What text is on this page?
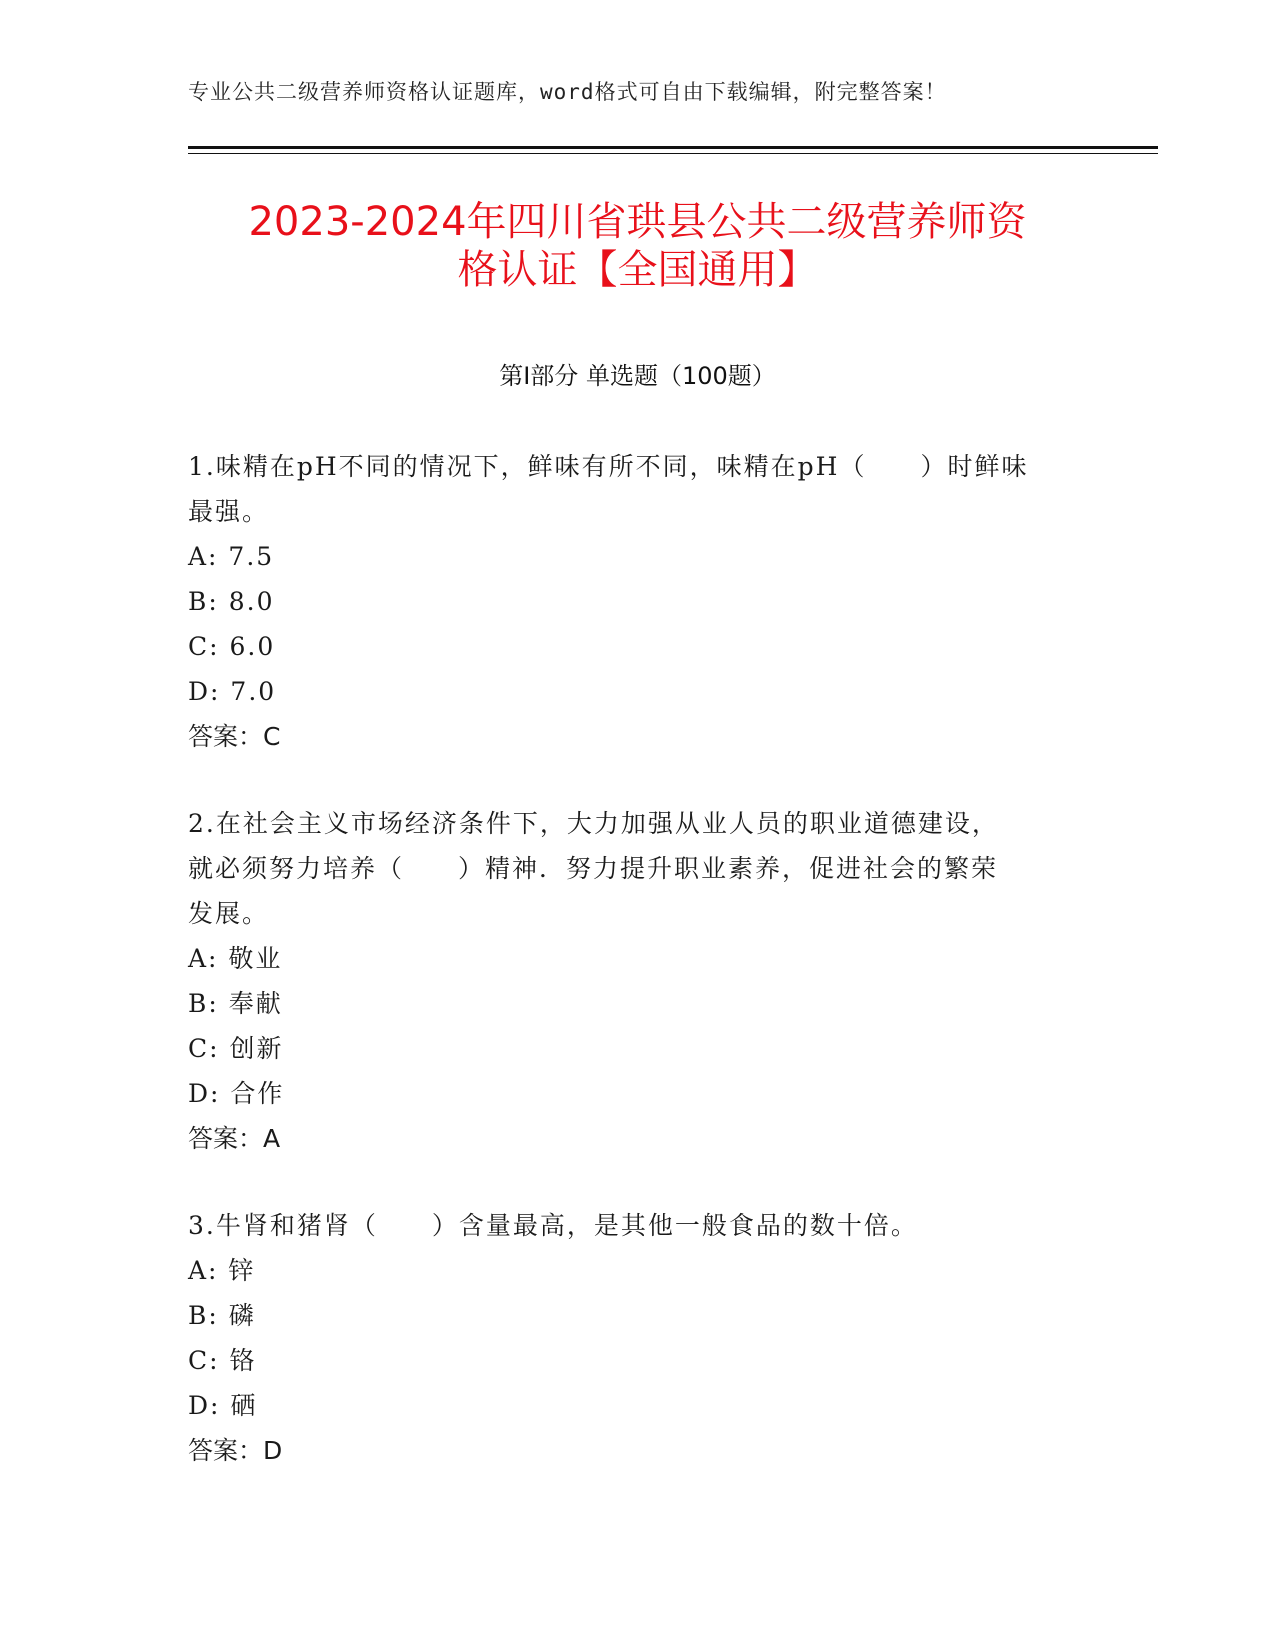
专业公共二级营养师资格认证题库，word格式可自由下载编辑，附完整答案！
2023-2024年四川省珙县公共二级营养师资
格认证【全国通用】
第Ⅰ部分 单选题（100题）

1.味精在pH不同的情况下，鲜味有所不同，味精在pH（　　）时鲜味

最强。

A: 7.5

B: 8.0

C: 6.0

D: 7.0

答案：C

2.在社会主义市场经济条件下，大力加强从业人员的职业道德建设，

就必须努力培养（　　）精神．努力提升职业素养，促进社会的繁荣

发展。

A: 敬业

B: 奉献

C: 创新

D: 合作

答案：A

3.牛肾和猪肾（　　）含量最高，是其他一般食品的数十倍。

A: 锌

B: 磷

C: 铬

D: 硒

答案：D
